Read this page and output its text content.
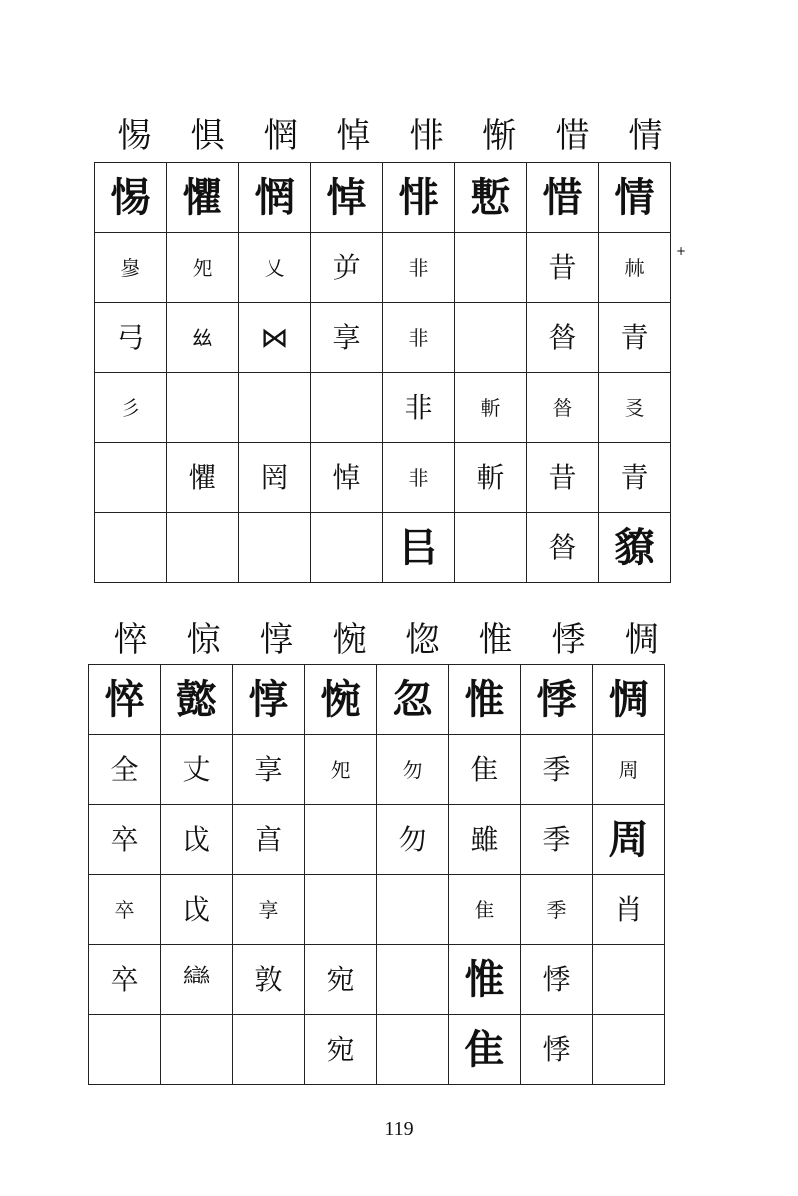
惕	惧	惘	悼	悱	惭	惜	情
+
惕	懼	惘	悼	悱	慙	惜	情

㣎	夗	乂	屰	非		昔	𣏟

弓	𢆶	⋈	享	非		㫺	青

彡				非	斬	㫺	㕛

	懼	罔	悼	非	斬	昔	青

				㠯		㫺	䝤
悴	惊	惇	惋	惚	惟	悸	惆
悴	懿	惇	惋	忽	惟	悸	惆

全	丈	享	夗	勿	隹	季	周

卒	戉	亯		勿	雖	季	周

卒	戉	享			隹	季	肖

卒	龻	敦	宛		惟	悸	

			宛		隹	悸	

119
